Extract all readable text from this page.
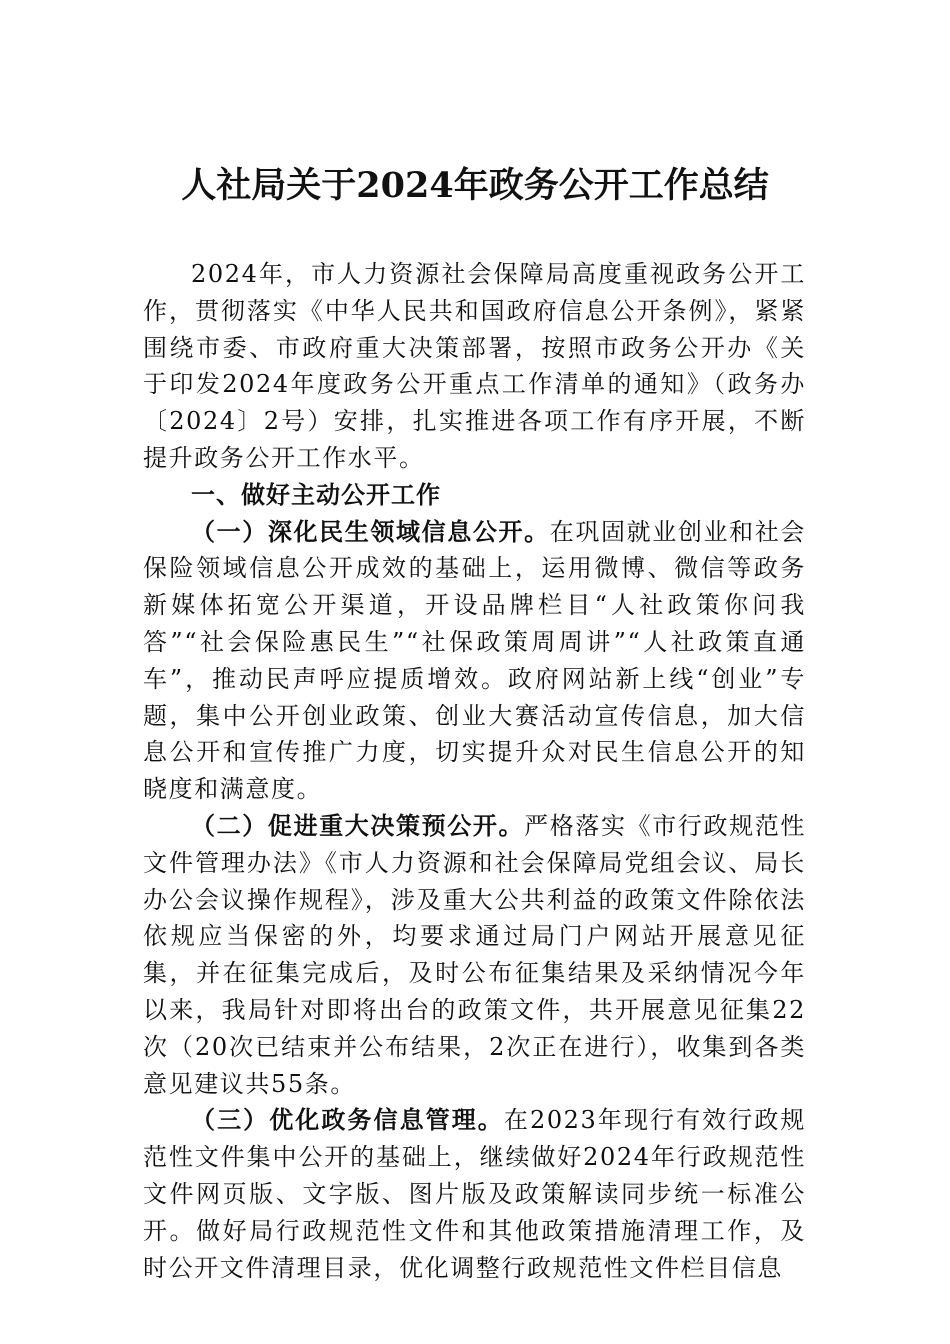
人社局关于2024年政务公开工作总结

2024年，市人力资源社会保障局高度重视政务公开工作，贯彻落实《中华人民共和国政府信息公开条例》，紧紧围绕市委、市政府重大决策部署，按照市政务公开办《关于印发2024年度政务公开重点工作清单的通知》（政务办〔2024〕2号）安排，扎实推进各项工作有序开展，不断提升政务公开工作水平。

一、做好主动公开工作

（一）深化民生领域信息公开。在巩固就业创业和社会保险领域信息公开成效的基础上，运用微博、微信等政务新媒体拓宽公开渠道，开设品牌栏目“人社政策你问我答”“社会保险惠民生”“社保政策周周讲”“人社政策直通车”，推动民声呼应提质增效。政府网站新上线“创业”专题，集中公开创业政策、创业大赛活动宣传信息，加大信息公开和宣传推广力度，切实提升众对民生信息公开的知晓度和满意度。

（二）促进重大决策预公开。严格落实《市行政规范性文件管理办法》《市人力资源和社会保障局党组会议、局长办公会议操作规程》，涉及重大公共利益的政策文件除依法依规应当保密的外，均要求通过局门户网站开展意见征集，并在征集完成后，及时公布征集结果及采纳情况今年以来，我局针对即将出台的政策文件，共开展意见征集22次（20次已结束并公布结果，2次正在进行），收集到各类意见建议共55条。

（三）优化政务信息管理。在2023年现行有效行政规范性文件集中公开的基础上，继续做好2024年行政规范性文件网页版、文字版、图片版及政策解读同步统一标准公开。做好局行政规范性文件和其他政策措施清理工作，及时公开文件清理目录，优化调整行政规范性文件栏目信息
